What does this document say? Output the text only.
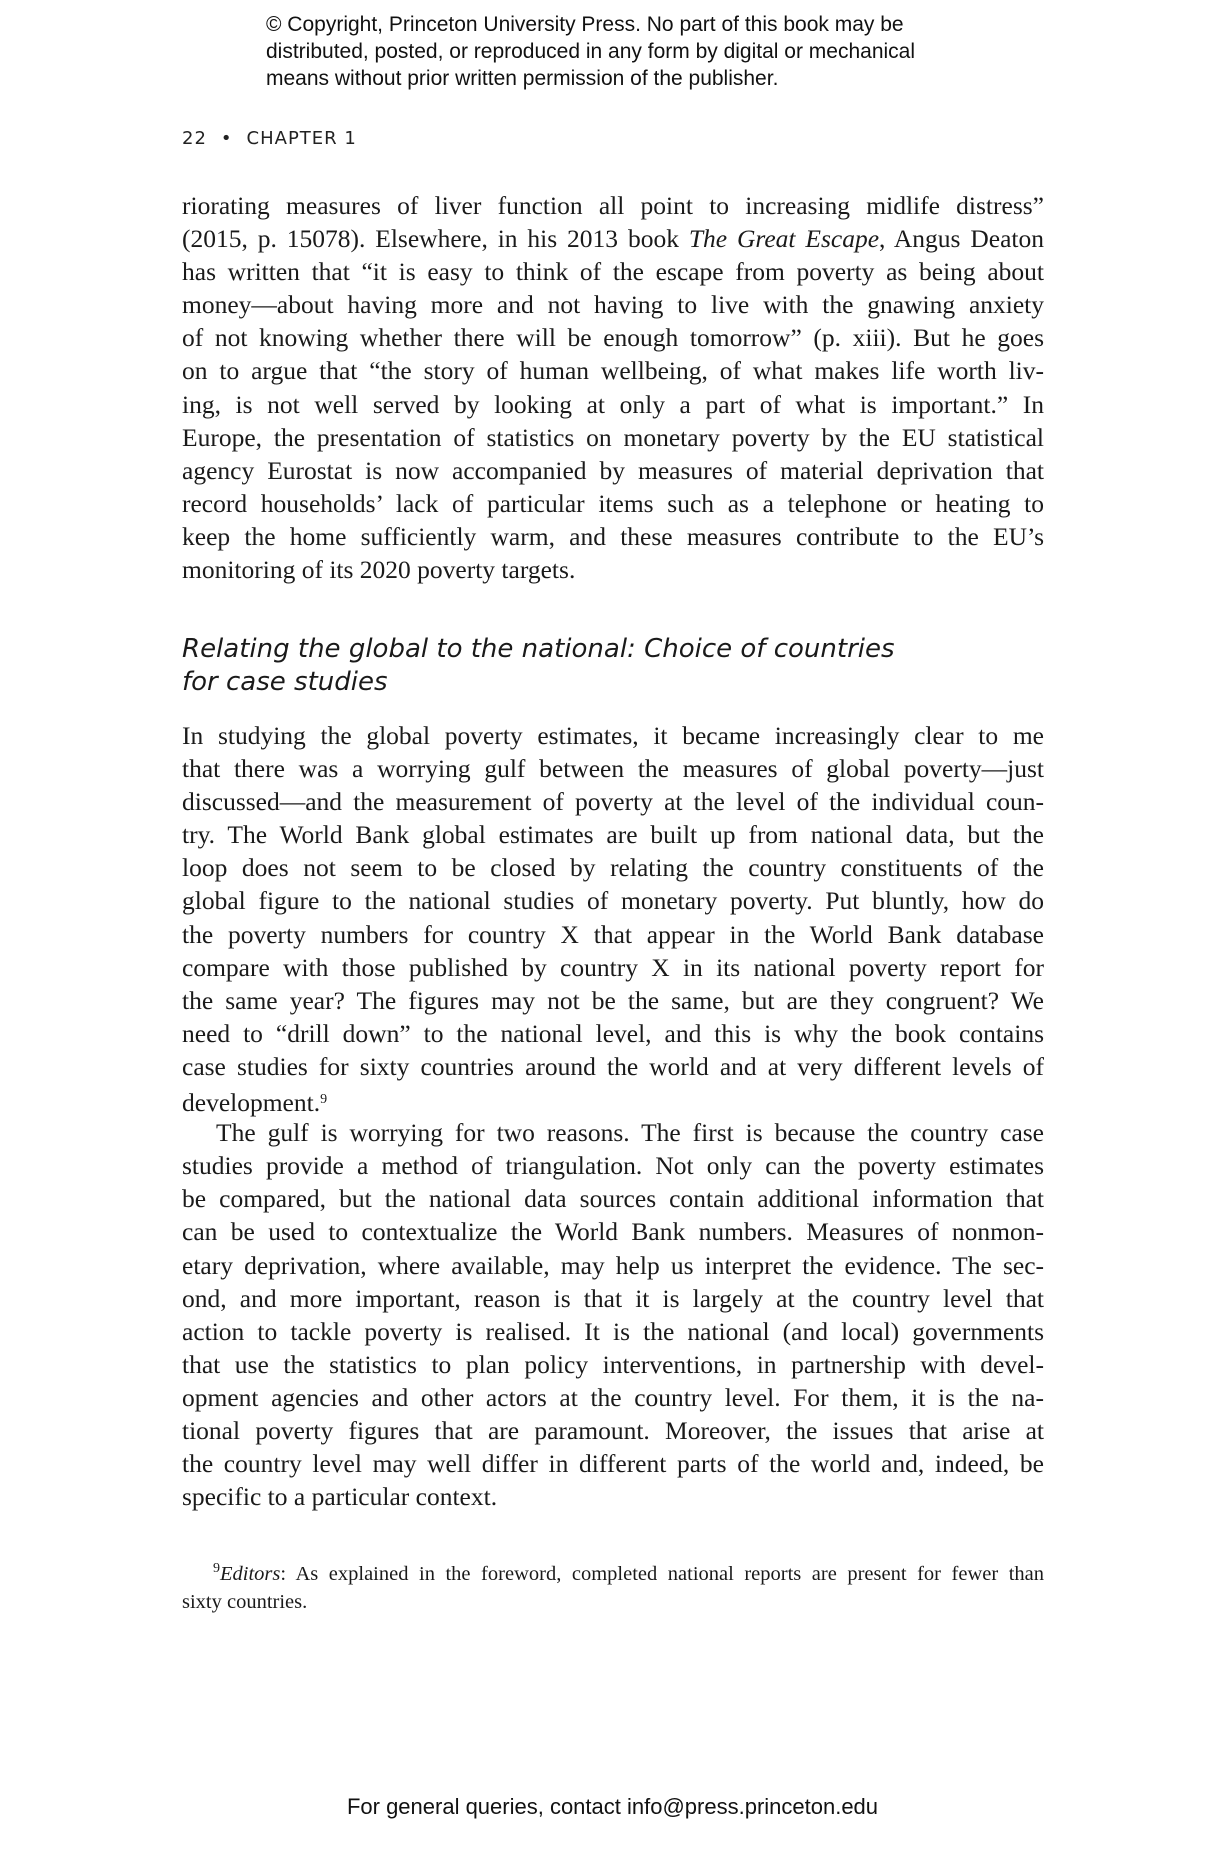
© Copyright, Princeton University Press. No part of this book may be
distributed, posted, or reproduced in any form by digital or mechanical
means without prior written permission of the publisher.
22 • CHAPTER 1
riorating measures of liver function all point to increasing midlife distress”
(2015, p. 15078). Elsewhere, in his 2013 book The Great Escape, Angus Deaton
has written that “it is easy to think of the escape from poverty as being about
money—about having more and not having to live with the gnawing anxiety
of not knowing whether there will be enough tomorrow” (p. xiii). But he goes
on to argue that “the story of human wellbeing, of what makes life worth liv-
ing, is not well served by looking at only a part of what is important.” In
Europe, the presentation of statistics on monetary poverty by the EU statistical
agency Eurostat is now accompanied by measures of material deprivation that
record households’ lack of particular items such as a telephone or heating to
keep the home sufficiently warm, and these measures contribute to the EU’s
monitoring of its 2020 poverty targets.
Relating the global to the national: Choice of countries
for case studies
In studying the global poverty estimates, it became increasingly clear to me
that there was a worrying gulf between the measures of global poverty—just
discussed—and the measurement of poverty at the level of the individual coun-
try. The World Bank global estimates are built up from national data, but the
loop does not seem to be closed by relating the country constituents of the
global figure to the national studies of monetary poverty. Put bluntly, how do
the poverty numbers for country X that appear in the World Bank database
compare with those published by country X in its national poverty report for
the same year? The figures may not be the same, but are they congruent? We
need to “drill down” to the national level, and this is why the book contains
case studies for sixty countries around the world and at very different levels of
development.$^9$
The gulf is worrying for two reasons. The first is because the country case
studies provide a method of triangulation. Not only can the poverty estimates
be compared, but the national data sources contain additional information that
can be used to contextualize the World Bank numbers. Measures of nonmon-
etary deprivation, where available, may help us interpret the evidence. The sec-
ond, and more important, reason is that it is largely at the country level that
action to tackle poverty is realised. It is the national (and local) governments
that use the statistics to plan policy interventions, in partnership with devel-
opment agencies and other actors at the country level. For them, it is the na-
tional poverty figures that are paramount. Moreover, the issues that arise at
the country level may well differ in different parts of the world and, indeed, be
specific to a particular context.
$^9$Editors: As explained in the foreword, completed national reports are present for fewer than
sixty countries.
For general queries, contact info@press.princeton.edu
